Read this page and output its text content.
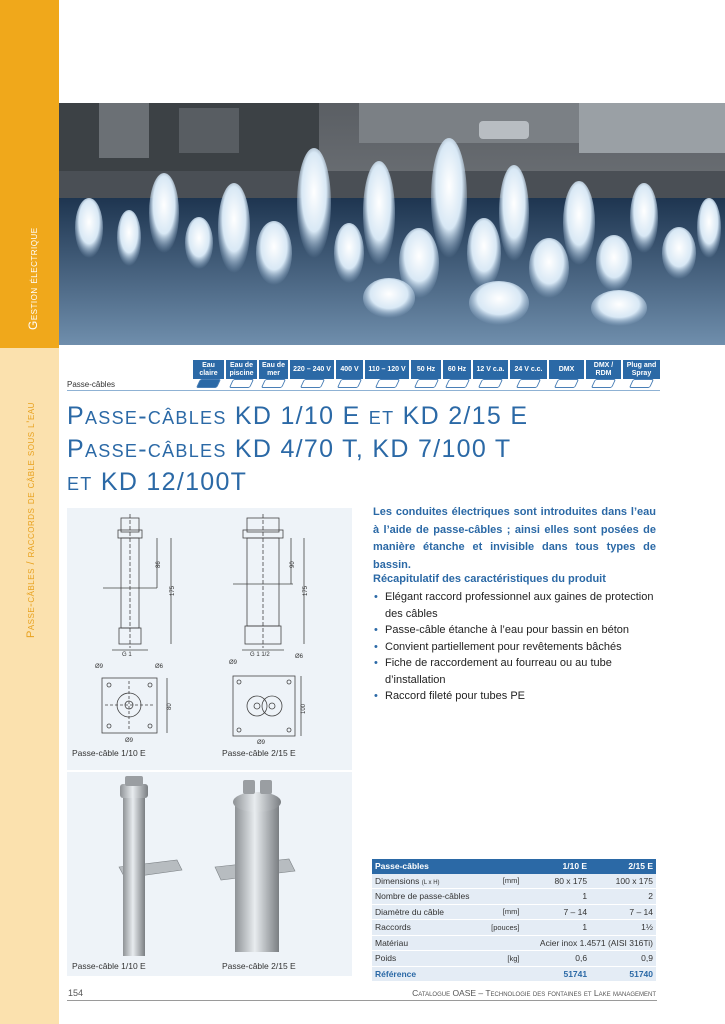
Gestion électrique
Passe-câbles / raccords de câble sous l’eau
	Eau claire	Eau de piscine	Eau de mer	220 – 240 V	400 V	110 – 120 V	50 Hz	60 Hz	12 V c.a.	24 V c.c.	DMX	DMX / RDM	Plug and Spray
Passe-câbles													
Passe-câbles KD 1/10 E et KD 2/15 E
Passe-câbles KD 4/70 T, KD 7/100 T
et KD 12/100T
86
175
G 1
Ø9	Ø6
80
Ø9
90
175
G 1 1/2
Ø9
Ø6
100
Ø9
Passe-câble 1/10 E	Passe-câble 2/15 E
Passe-câble 1/10 E	Passe-câble 2/15 E
Les conduites électriques sont introduites dans l’eau à l’aide de passe-câbles ; ainsi elles sont posées de manière étanche et invisible dans tous types de bassin.
Récapitulatif des caractéristiques du produit
• Elégant raccord professionnel aux gaines de protection des câbles
• Passe-câble étanche à l’eau pour bassin en béton
• Convient partiellement pour revêtements bâchés
• Fiche de raccordement au fourreau ou au tube d’installation
• Raccord fileté pour tubes PE
Passe-câbles		1/10 E	2/15 E
Dimensions (L x H)	[mm]	80 x 175	100 x 175
Nombre de passe-câbles		1	2
Diamètre du câble	[mm]	7 – 14	7 – 14
Raccords	[pouces]	1	1½
Matériau		Acier inox 1.4571 (AISI 316Ti)	
Poids	[kg]	0,6	0,9
Référence		51741	51740
154	Catalogue OASE – Technologie des fontaines et Lake management
